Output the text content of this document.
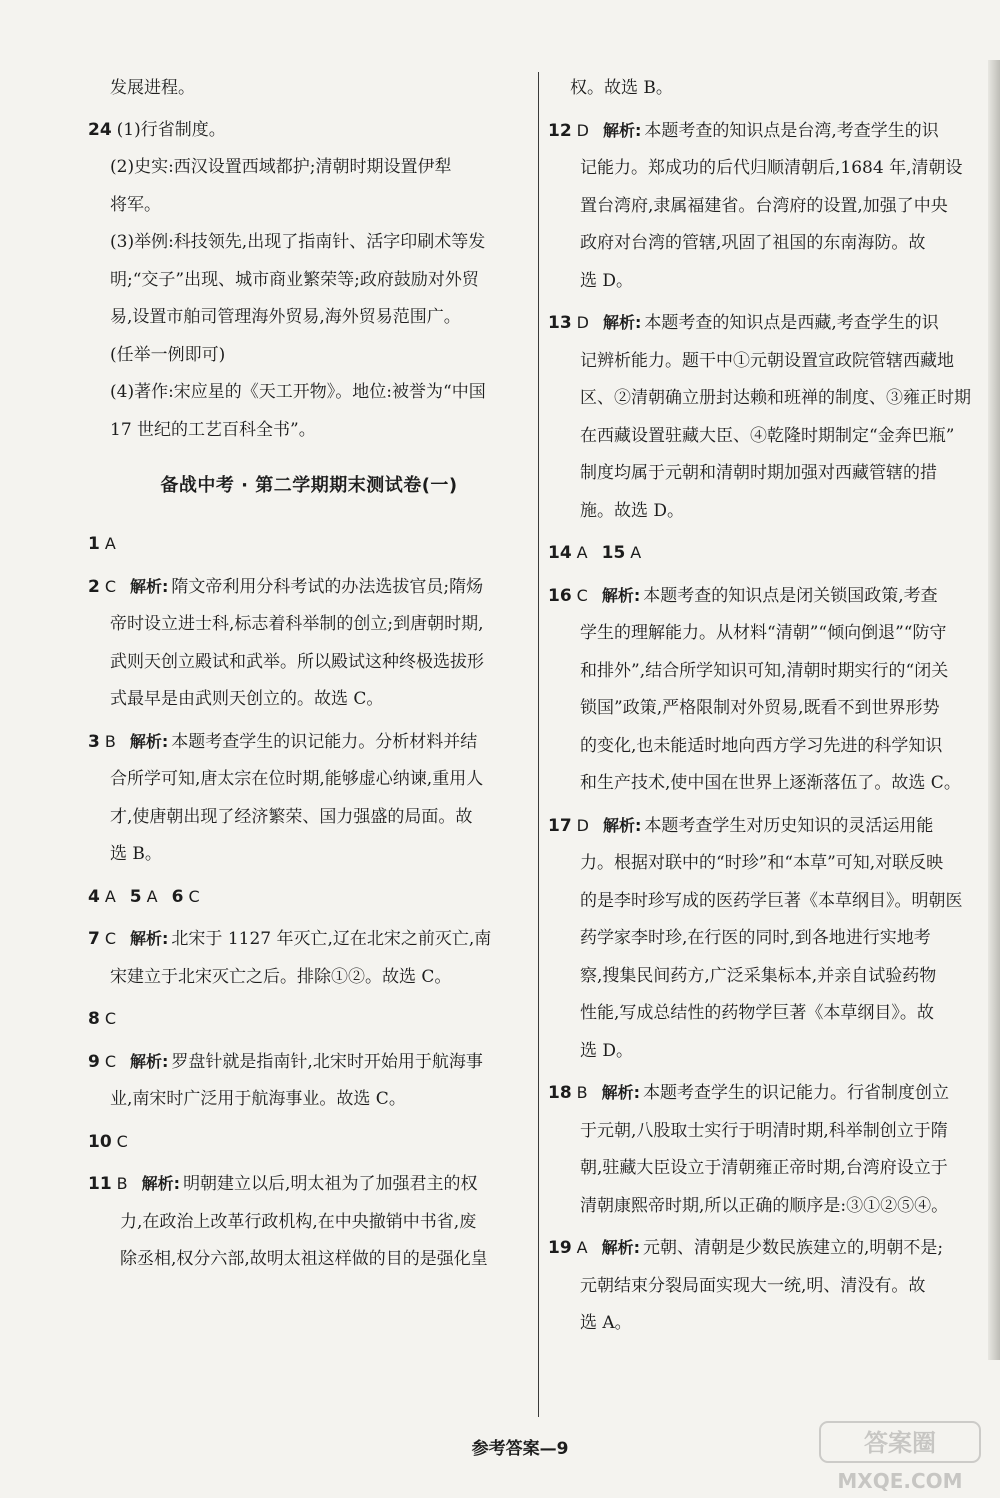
发展进程。
24 (1)行省制度。
(2)史实:西汉设置西域都护;清朝时期设置伊犁
将军。
(3)举例:科技领先,出现了指南针、活字印刷术等发
明;“交子”出现、城市商业繁荣等;政府鼓励对外贸
易,设置市舶司管理海外贸易,海外贸易范围广。
(任举一例即可)
(4)著作:宋应星的《天工开物》。地位:被誉为“中国
17 世纪的工艺百科全书”。
备战中考 · 第二学期期末测试卷(一)
1 A
2 C 解析: 隋文帝利用分科考试的办法选拔官员;隋炀
帝时设立进士科,标志着科举制的创立;到唐朝时期,
武则天创立殿试和武举。所以殿试这种终极选拔形
式最早是由武则天创立的。故选 C。
3 B 解析: 本题考查学生的识记能力。分析材料并结
合所学可知,唐太宗在位时期,能够虚心纳谏,重用人
才,使唐朝出现了经济繁荣、国力强盛的局面。故
选 B。
4 A 5 A 6 C
7 C 解析: 北宋于 1127 年灭亡,辽在北宋之前灭亡,南
宋建立于北宋灭亡之后。排除①②。故选 C。
8 C
9 C 解析: 罗盘针就是指南针,北宋时开始用于航海事
业,南宋时广泛用于航海事业。故选 C。
10 C
11 B 解析: 明朝建立以后,明太祖为了加强君主的权
力,在政治上改革行政机构,在中央撤销中书省,废
除丞相,权分六部,故明太祖这样做的目的是强化皇
权。故选 B。
12 D 解析: 本题考查的知识点是台湾,考查学生的识
记能力。郑成功的后代归顺清朝后,1684 年,清朝设
置台湾府,隶属福建省。台湾府的设置,加强了中央
政府对台湾的管辖,巩固了祖国的东南海防。故
选 D。
13 D 解析: 本题考查的知识点是西藏,考查学生的识
记辨析能力。题干中①元朝设置宣政院管辖西藏地
区、②清朝确立册封达赖和班禅的制度、③雍正时期
在西藏设置驻藏大臣、④乾隆时期制定“金奔巴瓶”
制度均属于元朝和清朝时期加强对西藏管辖的措
施。故选 D。
14 A 15 A
16 C 解析: 本题考查的知识点是闭关锁国政策,考查
学生的理解能力。从材料“清朝”“倾向倒退”“防守
和排外”,结合所学知识可知,清朝时期实行的“闭关
锁国”政策,严格限制对外贸易,既看不到世界形势
的变化,也未能适时地向西方学习先进的科学知识
和生产技术,使中国在世界上逐渐落伍了。故选 C。
17 D 解析: 本题考查学生对历史知识的灵活运用能
力。根据对联中的“时珍”和“本草”可知,对联反映
的是李时珍写成的医药学巨著《本草纲目》。明朝医
药学家李时珍,在行医的同时,到各地进行实地考
察,搜集民间药方,广泛采集标本,并亲自试验药物
性能,写成总结性的药物学巨著《本草纲目》。故
选 D。
18 B 解析: 本题考查学生的识记能力。行省制度创立
于元朝,八股取士实行于明清时期,科举制创立于隋
朝,驻藏大臣设立于清朝雍正帝时期,台湾府设立于
清朝康熙帝时期,所以正确的顺序是:③①②⑤④。
19 A 解析: 元朝、清朝是少数民族建立的,明朝不是;
元朝结束分裂局面实现大一统,明、清没有。故
选 A。
参考答案—9	答案圈
MXQE.COM
